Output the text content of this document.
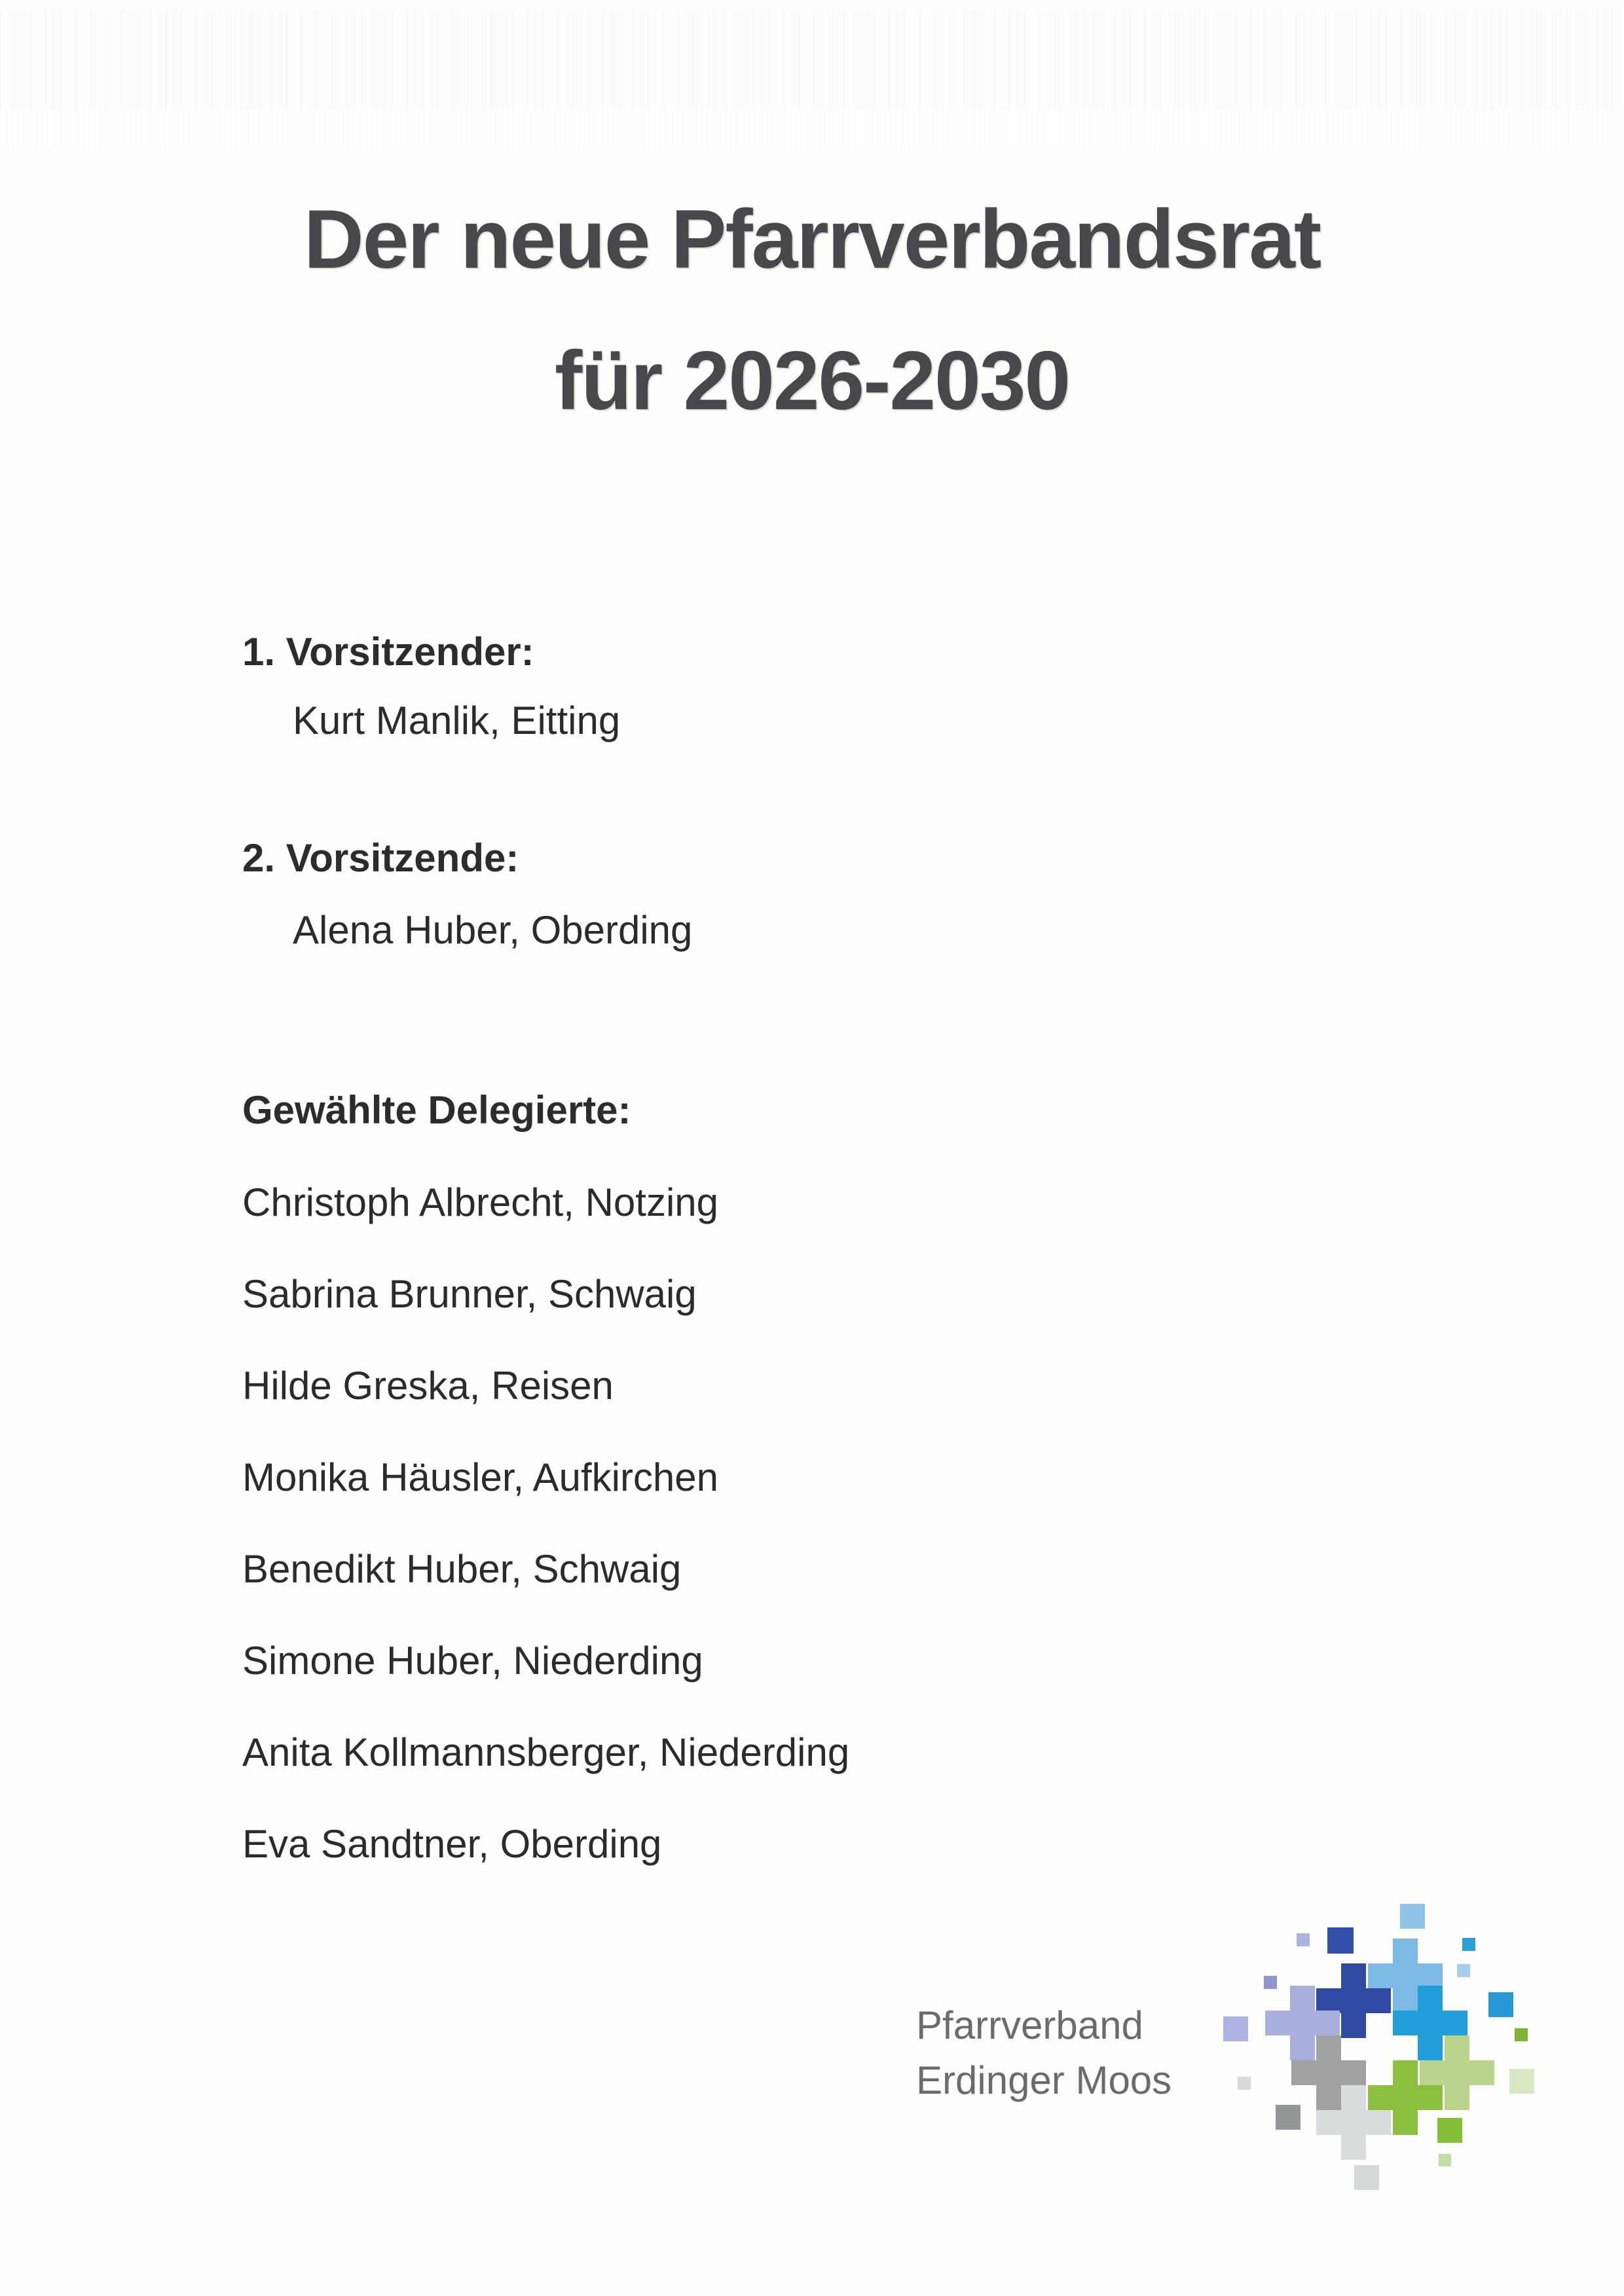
Der neue Pfarrverbandsrat
für 2026-2030
1. Vorsitzender:
Kurt Manlik, Eitting
2. Vorsitzende:
Alena Huber, Oberding
Gewählte Delegierte:
Christoph Albrecht, Notzing
Sabrina Brunner, Schwaig
Hilde Greska, Reisen
Monika Häusler, Aufkirchen
Benedikt Huber, Schwaig
Simone Huber, Niederding
Anita Kollmannsberger, Niederding
Eva Sandtner, Oberding
Pfarrverband
Erdinger Moos
